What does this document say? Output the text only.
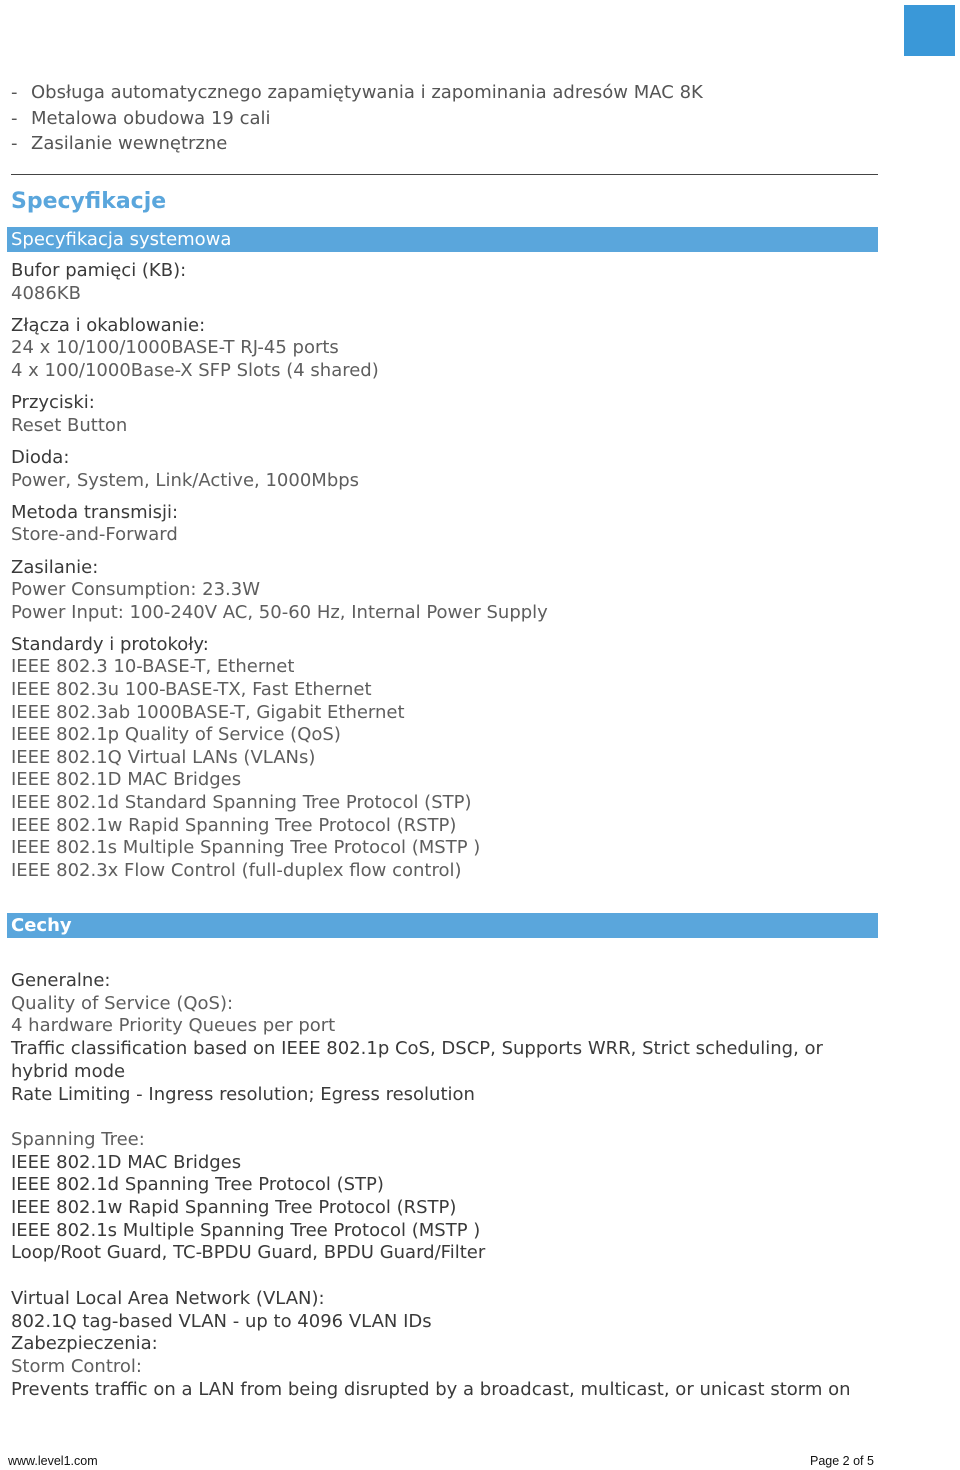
- Obsługa automatycznego zapamiętywania i zapominania adresów MAC 8K
- Metalowa obudowa 19 cali
- Zasilanie wewnętrzne
Specyfikacje
Specyfikacja systemowa
Bufor pamięci (KB):
4086KB
Złącza i okablowanie:
24 x 10/100/1000BASE-T RJ-45 ports
4 x 100/1000Base-X SFP Slots (4 shared)
Przyciski:
Reset Button
Dioda:
Power, System, Link/Active, 1000Mbps
Metoda transmisji:
Store-and-Forward
Zasilanie:
Power Consumption: 23.3W
Power Input: 100-240V AC, 50-60 Hz, Internal Power Supply
Standardy i protokoły:
IEEE 802.3 10-BASE-T, Ethernet
IEEE 802.3u 100-BASE-TX, Fast Ethernet
IEEE 802.3ab 1000BASE-T, Gigabit Ethernet
IEEE 802.1p Quality of Service (QoS)
IEEE 802.1Q Virtual LANs (VLANs)
IEEE 802.1D MAC Bridges
IEEE 802.1d Standard Spanning Tree Protocol (STP)
IEEE 802.1w Rapid Spanning Tree Protocol (RSTP)
IEEE 802.1s Multiple Spanning Tree Protocol (MSTP )
IEEE 802.3x Flow Control (full-duplex flow control)
Cechy
Generalne:
Quality of Service (QoS):
4 hardware Priority Queues per port
Traffic classification based on IEEE 802.1p CoS, DSCP, Supports WRR, Strict scheduling, or hybrid mode
Rate Limiting - Ingress resolution; Egress resolution
Spanning Tree:
IEEE 802.1D MAC Bridges
IEEE 802.1d Spanning Tree Protocol (STP)
IEEE 802.1w Rapid Spanning Tree Protocol (RSTP)
IEEE 802.1s Multiple Spanning Tree Protocol (MSTP )
Loop/Root Guard, TC-BPDU Guard, BPDU Guard/Filter
Virtual Local Area Network (VLAN):
802.1Q tag-based VLAN - up to 4096 VLAN IDs
Zabezpieczenia:
Storm Control:
Prevents traffic on a LAN from being disrupted by a broadcast, multicast, or unicast storm on
www.level1.com	Page 2 of 5
